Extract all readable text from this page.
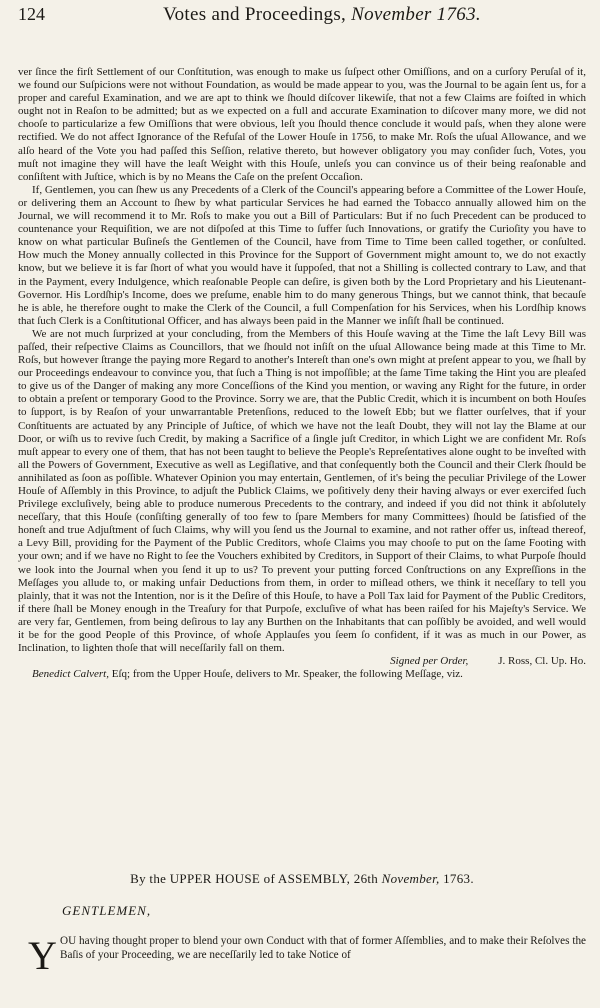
124	Votes and Proceedings, November 1763.

ver ſince the firſt Settlement of our Conſtitution, was enough to make us ſuſpect other Omiſſions, and on a curſory Peruſal of it, we found our Suſpicions were not without Foundation, as would be made appear to you, was the Journal to be again ſent us, for a proper and careful Examination, and we are apt to think we ſhould diſcover likewiſe, that not a few Claims are foiſted in which ought not in Reaſon to be admitted; but as we expected on a full and accurate Examination to diſcover many more, we did not chooſe to particularize a few Omiſſions that were obvious, leſt you ſhould thence conclude it would paſs, when they alone were rectified. We do not affect Ignorance of the Refuſal of the Lower Houſe in 1756, to make Mr. Roſs the uſual Allowance, and we alſo heard of the Vote you had paſſed this Seſſion, relative thereto, but however obligatory you may conſider ſuch, Votes, you muſt not imagine they will have the leaſt Weight with this Houſe, unleſs you can convince us of their being reaſonable and conſiſtent with Juſtice, which is by no Means the Caſe on the preſent Occaſion.

If, Gentlemen, you can ſhew us any Precedents of a Clerk of the Council's appearing before a Committee of the Lower Houſe, or delivering them an Account to ſhew by what particular Services he had earned the Tobacco annually allowed him on the Journal, we will recommend it to Mr. Roſs to make you out a Bill of Particulars: But if no ſuch Precedent can be produced to countenance your Requiſition, we are not diſpoſed at this Time to ſuffer ſuch Innovations, or gratify the Curioſity you have to know on what particular Buſineſs the Gentlemen of the Council, have from Time to Time been called together, or conſulted. How much the Money annually collected in this Province for the Support of Government might amount to, we do not exactly know, but we believe it is far ſhort of what you would have it ſuppoſed, that not a Shilling is collected contrary to Law, and that in the Payment, every Indulgence, which reaſonable People can deſire, is given both by the Lord Proprietary and his Lieutenant-Governor. His Lordſhip's Income, does we preſume, enable him to do many generous Things, but we cannot think, that becauſe he is able, he therefore ought to make the Clerk of the Council, a full Compenſation for his Services, when his Lordſhip knows that ſuch Clerk is a Conſtitutional Officer, and has always been paid in the Manner we inſiſt ſhall be continued.

We are not much ſurprized at your concluding, from the Members of this Houſe waving at the Time the laſt Levy Bill was paſſed, their reſpective Claims as Councillors, that we ſhould not inſiſt on the uſual Allowance being made at this Time to Mr. Roſs, but however ſtrange the paying more Regard to another's Intereſt than one's own might at preſent appear to you, we ſhall by our Proceedings endeavour to convince you, that ſuch a Thing is not impoſſible; at the ſame Time taking the Hint you are pleaſed to give us of the Danger of making any more Conceſſions of the Kind you mention, or waving any Right for the future, in order to obtain a preſent or temporary Good to the Province. Sorry we are, that the Public Credit, which it is incumbent on both Houſes to ſupport, is by Reaſon of your unwarrantable Pretenſions, reduced to the loweſt Ebb; but we flatter ourſelves, that if your Conſtituents are actuated by any Principle of Juſtice, of which we have not the leaſt Doubt, they will not lay the Blame at our Door, or wiſh us to revive ſuch Credit, by making a Sacrifice of a ſingle juſt Creditor, in which Light we are confident Mr. Roſs muſt appear to every one of them, that has not been taught to believe the People's Repreſentatives alone ought to be inveſted with all the Powers of Government, Executive as well as Legiſlative, and that conſequently both the Council and their Clerk ſhould be annihilated as ſoon as poſſible. Whatever Opinion you may entertain, Gentlemen, of it's being the peculiar Privilege of the Lower Houſe of Aſſembly in this Province, to adjuſt the Publick Claims, we poſitively deny their having always or ever exercifed ſuch Privilege excluſively, being able to produce numerous Precedents to the contrary, and indeed if you did not think it abſolutely neceſſary, that this Houſe (conſiſting generally of too few to ſpare Members for many Committees) ſhould be ſatisfied of the honeſt and true Adjuſtment of ſuch Claims, why will you ſend us the Journal to examine, and not rather offer us, inſtead thereof, a Levy Bill, providing for the Payment of the Public Creditors, whoſe Claims you may chooſe to put on the ſame Footing with your own; and if we have no Right to ſee the Vouchers exhibited by Creditors, in Support of their Claims, to what Purpoſe ſhould we look into the Journal when you ſend it up to us? To prevent your putting forced Conſtructions on any Expreſſions in the Meſſages you allude to, or making unfair Deductions from them, in order to miſlead others, we think it neceſſary to tell you plainly, that it was not the Intention, nor is it the Deſire of this Houſe, to have a Poll Tax laid for Payment of the Public Creditors, if there ſhall be Money enough in the Treaſury for that Purpoſe, excluſive of what has been raiſed for his Majeſty's Service. We are very far, Gentlemen, from being deſirous to lay any Burthen on the Inhabitants that can poſſibly be avoided, and well would it be for the good People of this Province, of whoſe Applauſes you ſeem ſo confident, if it was as much in our Power, as Inclination, to lighten thoſe that will neceſſarily fall on them.

Signed per Order,	J. Ross, Cl. Up. Ho.
Benedict Calvert, Eſq; from the Upper Houſe, delivers to Mr. Speaker, the following Meſſage, viz.
By the UPPER HOUSE of ASSEMBLY, 26th November, 1763.
GENTLEMEN,
Y OU having thought proper to blend your own Conduct with that of former Aſſemblies, and to make their Reſolves the Baſis of your Proceeding, we are neceſſarily led to take Notice of
